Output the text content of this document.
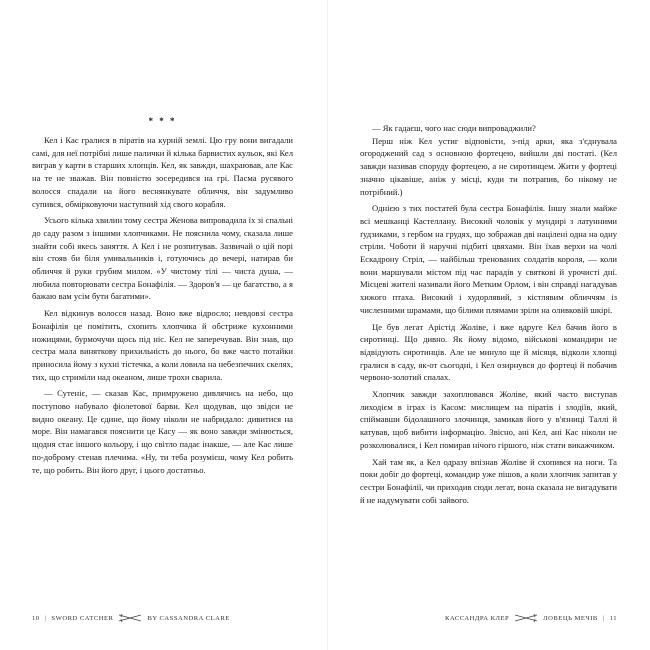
* * *

Кел і Кас гралися в піратів на курній землі. Цю гру вони вигадали самі, для неї потрібні лише палички й кілька барвистих кульок, які Кел виграв у карти в старших хлопців. Кел, як завжди, шахраював, але Кас на те не зважав. Він повністю зосередився на грі. Пасма русявого волосся спадали на його веснянкувате обличчя, він задумливо супився, обмірковуючи наступний хід свого корабля.

Усього кілька хвилин тому сестра Женова випровадила їх зі спальні до саду разом з іншими хлопчиками. Не пояснила чому, сказала лише знайти собі якесь заняття. А Кел і не розпитував. Зазвичай о цій порі він стояв би біля умивальників і, готуючись до вечері, натирав би обличчя й руки грубим милом. «У чистому тілі — чиста душа, — любила повторювати сестра Бонафілія. — Здоров'я — це багатство, а я бажаю вам усім бути багатими».

Кел відкинув волосся назад. Воно вже відросло; невдовзі сестра Бонафілія це помітить, схопить хлопчика й обстриже кухонними ножицями, бурмочучи щось під ніс. Кел не заперечував. Він знав, що сестра мала виняткову прихильність до нього, бо вже часто потайки приносила йому з кухні тістечка, а коли ловила на небезпечних скелях, тих, що стриміли над океаном, лише трохи сварила.

— Сутеніє, — сказав Кас, примружено дивлячись на небо, що поступово набувало фіолетової барви. Кел щодував, що звідси не видно океану. Це єдине, що йому ніколи не набридало: дивитися на море. Він намагався пояснити це Касу — як воно завжди змінюється, щодня стає іншого кольору, і що світло падає інакше, — але Кас лише по-доброму стенав плечима. «Ну, ти теба розумієш, чому Кел робить те, що робить. Він його друг, і цього достатньо.

10 | SWORD CATCHER	BY CASSANDRA CLARE

— Як гадаєш, чого нас сюди випроваджили?

Перш ніж Кел устиг відповісти, з-під арки, яка з'єднувала огороджений сад з основною фортецею, вийшли дві постаті. (Кел завжди називав споруду фортецею, а не сиротинцем. Жити у фортеці значно цікавіше, аніж у місці, куди ти потрапив, бо нікому не потрібний.)

Однією з тих постатей була сестра Бонафілія. Іншу знали майже всі мешканці Кастеллану. Високий чоловік у мундирі з латунними ґудзиками, з гербом на грудях, що зображав дві націлені одна на одну стріли. Чоботи й наручні підбиті цвяхами. Він їхав верхи на чолі Ескадрону Стріл, — найбільш тренованих солдатів короля, — коли вони маршували містом під час парадів у святкові й урочисті дні. Місцеві жителі називали його Метким Орлом, і він справді нагадував хижого птаха. Високий і худорлявий, з кістлявим обличчям із численними шрамами, що білими плямами зріли на оливковій шкірі.

Це був легат Арістід Жоліве, і вже вдруге Кел бачив його в сиротинці. Що дивно. Як йому відомо, військові командири не відвідують сиротинців. Але не минуло ще й місяця, відколи хлопці гралися в саду, як-от сьогодні, і Кел озирнувся до фортеці й побачив червоно-золотий спалах.

Хлопчик завжди захоплювався Жоліве, який часто виступав лиходієм в іграх із Касом: мислищем на піратів і злодіїв, який, спіймавши бідолашного злочинця, замикав його у в'язниці Таллі й катував, щоб вибити інформацію. Звісно, ані Кел, ані Кас ніколи не розколювалися, і Кел помирав нічого гіршого, ніж стати викажчиком.

Хай там як, а Кел одразу впізнав Жоліве й схопився на ноги. Та поки добіг до фортеці, командир уже пішов, а коли хлопчик запитав у сестри Бонафілії, чи приходив сюди легат, вона сказала не вигадувати й не надумувати собі зайвого.

КАССАНДРА КЛЕР	ЛОВЕЦЬ МЕЧІВ | 11
